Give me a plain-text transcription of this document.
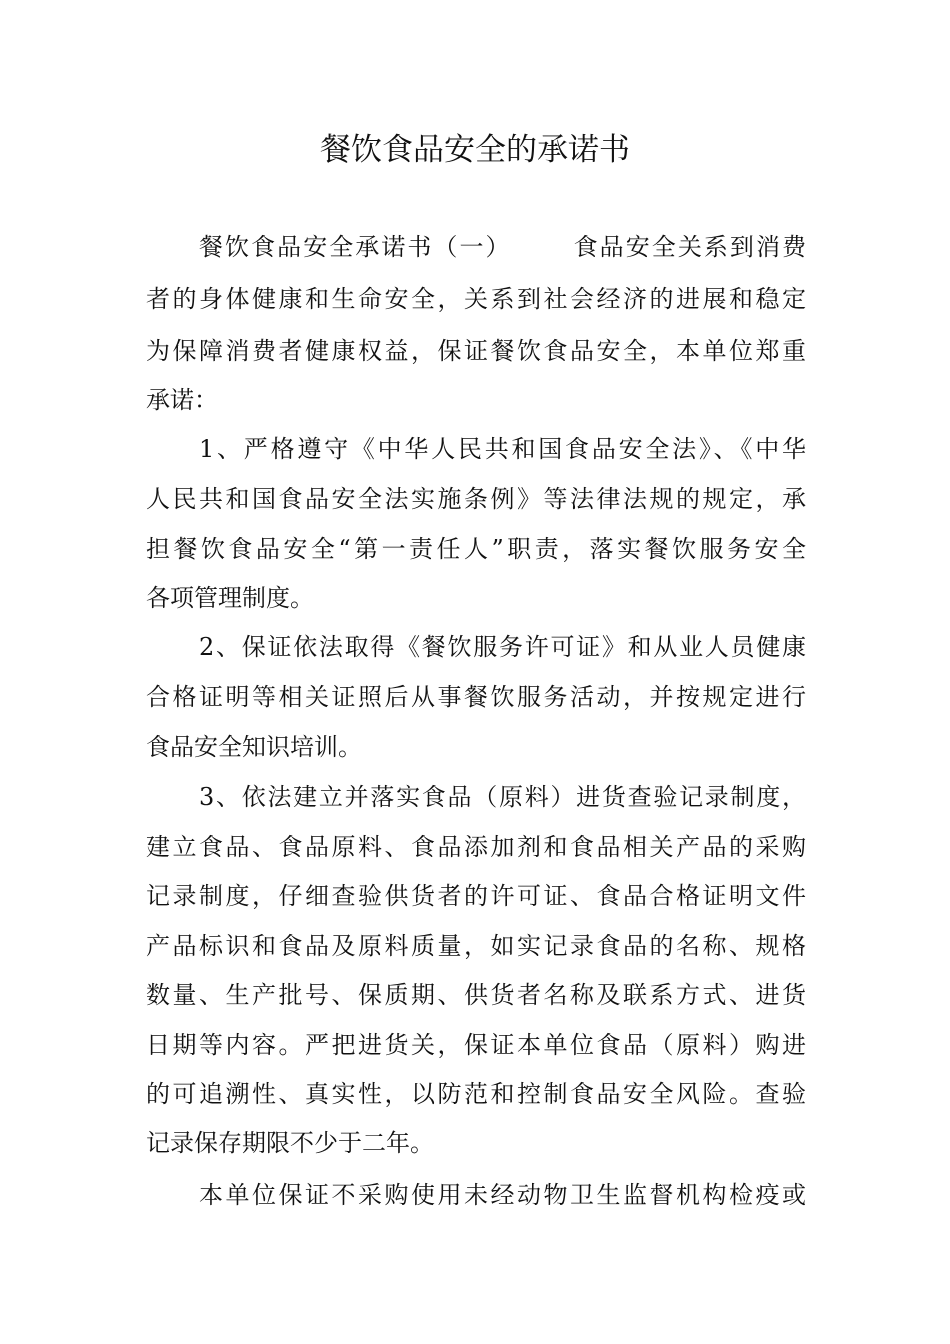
餐饮食品安全的承诺书
餐饮食品安全承诺书（一）	食品安全关系到消费
者的身体健康和生命安全，关系到社会经济的进展和稳定
为保障消费者健康权益，保证餐饮食品安全，本单位郑重
承诺：
1、严格遵守《中华人民共和国食品安全法》、《中华
人民共和国食品安全法实施条例》等法律法规的规定，承
担餐饮食品安全“第一责任人”职责，落实餐饮服务安全
各项管理制度。
2、保证依法取得《餐饮服务许可证》和从业人员健康
合格证明等相关证照后从事餐饮服务活动，并按规定进行
食品安全知识培训。
3、依法建立并落实食品（原料）进货查验记录制度，
建立食品、食品原料、食品添加剂和食品相关产品的采购
记录制度，仔细查验供货者的许可证、食品合格证明文件
产品标识和食品及原料质量，如实记录食品的名称、规格
数量、生产批号、保质期、供货者名称及联系方式、进货
日期等内容。严把进货关，保证本单位食品（原料）购进
的可追溯性、真实性，以防范和控制食品安全风险。查验
记录保存期限不少于二年。
本单位保证不采购使用未经动物卫生监督机构检疫或
